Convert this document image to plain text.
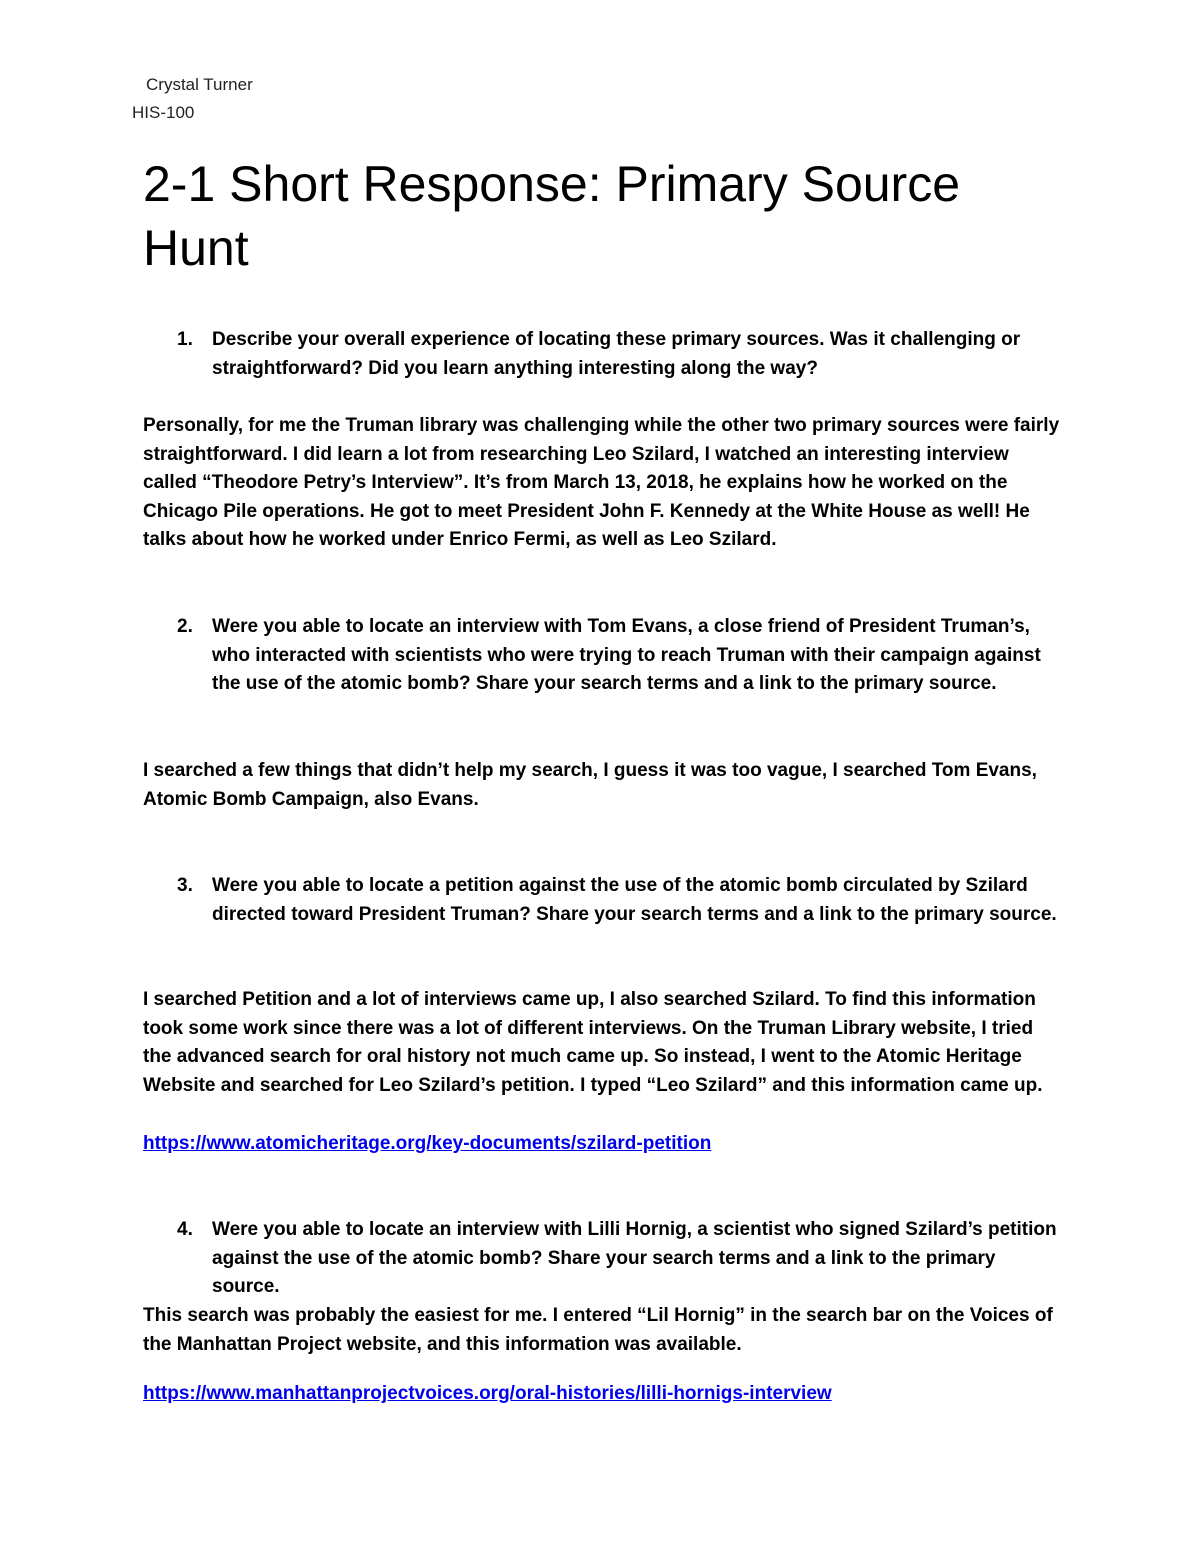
Crystal Turner
HIS-100
2-1 Short Response: Primary Source Hunt
1. Describe your overall experience of locating these primary sources. Was it challenging or straightforward? Did you learn anything interesting along the way?

Personally, for me the Truman library was challenging while the other two primary sources were fairly straightforward. I did learn a lot from researching Leo Szilard, I watched an interesting interview called “Theodore Petry’s Interview”. It’s from March 13, 2018, he explains how he worked on the Chicago Pile operations. He got to meet President John F. Kennedy at the White House as well! He talks about how he worked under Enrico Fermi, as well as Leo Szilard.

2. Were you able to locate an interview with Tom Evans, a close friend of President Truman’s, who interacted with scientists who were trying to reach Truman with their campaign against the use of the atomic bomb? Share your search terms and a link to the primary source.

I searched a few things that didn’t help my search, I guess it was too vague, I searched Tom Evans, Atomic Bomb Campaign, also Evans.

3. Were you able to locate a petition against the use of the atomic bomb circulated by Szilard directed toward President Truman? Share your search terms and a link to the primary source.

I searched Petition and a lot of interviews came up, I also searched Szilard. To find this information took some work since there was a lot of different interviews. On the Truman Library website, I tried the advanced search for oral history not much came up. So instead, I went to the Atomic Heritage Website and searched for Leo Szilard’s petition. I typed “Leo Szilard” and this information came up.

https://www.atomicheritage.org/key-documents/szilard-petition
4. Were you able to locate an interview with Lilli Hornig, a scientist who signed Szilard’s petition against the use of the atomic bomb? Share your search terms and a link to the primary source.

This search was probably the easiest for me. I entered “Lil Hornig” in the search bar on the Voices of the Manhattan Project website, and this information was available.

https://www.manhattanprojectvoices.org/oral-histories/lilli-hornigs-interview
